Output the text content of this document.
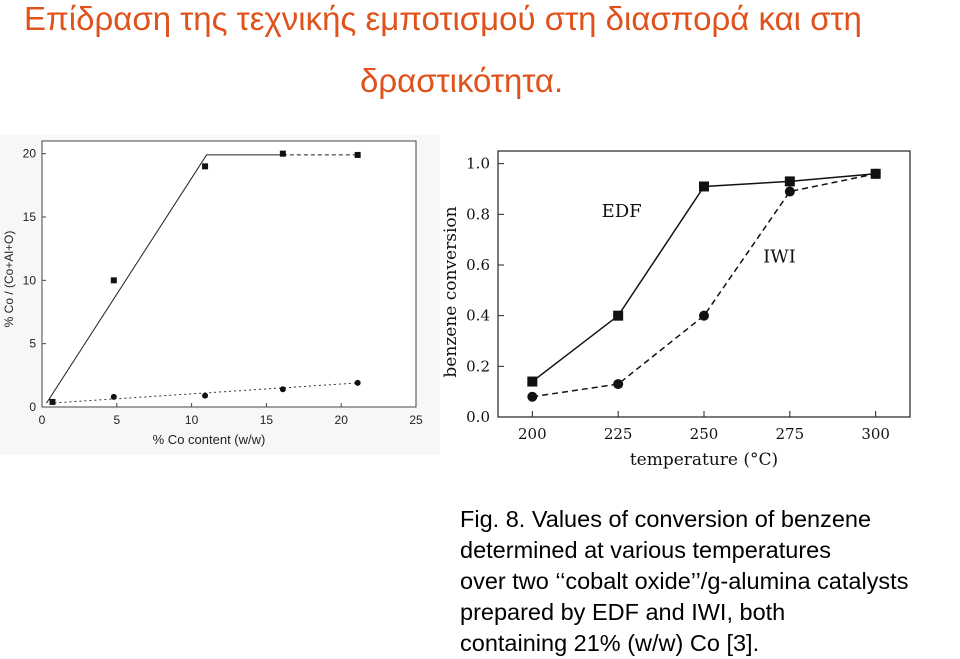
Επίδραση της τεχνικής εμποτισμού στη διασπορά και στη
δραστικότητα.
0	5	10	15	20	25
0
5
10
15
20
% Co content (w/w)
% Co / (Co+Al+O)
200	225	250	275	300
0.0
0.2
0.4
0.6
0.8
1.0
temperature (°C)
benzene conversion	EDF
IWI
Fig. 8. Values of conversion of benzene
determined at various temperatures
over two ‘‘cobalt oxide’’/g-alumina catalysts
prepared by EDF and IWI, both
containing 21% (w/w) Co [3].
